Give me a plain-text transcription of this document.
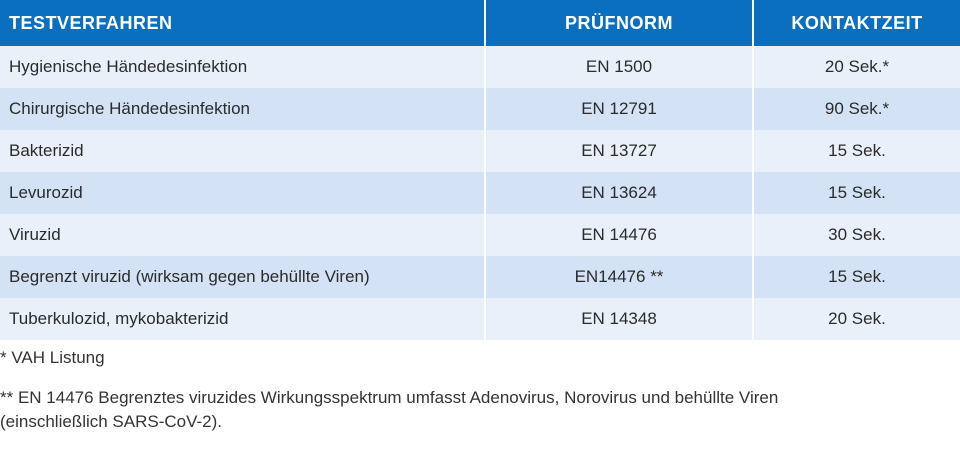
TESTVERFAHREN	PRÜFNORM	KONTAKTZEIT
Hygienische Händedesinfektion	EN 1500	20 Sek.*
Chirurgische Händedesinfektion	EN 12791	90 Sek.*
Bakterizid	EN 13727	15 Sek.
Levurozid	EN 13624	15 Sek.
Viruzid	EN 14476	30 Sek.
Begrenzt viruzid (wirksam gegen behüllte Viren)	EN14476 **	15 Sek.
Tuberkulozid, mykobakterizid	EN 14348	20 Sek.

* VAH Listung

** EN 14476 Begrenztes viruzides Wirkungsspektrum umfasst Adenovirus, Norovirus und behüllte Viren (einschließlich SARS-CoV-2).
